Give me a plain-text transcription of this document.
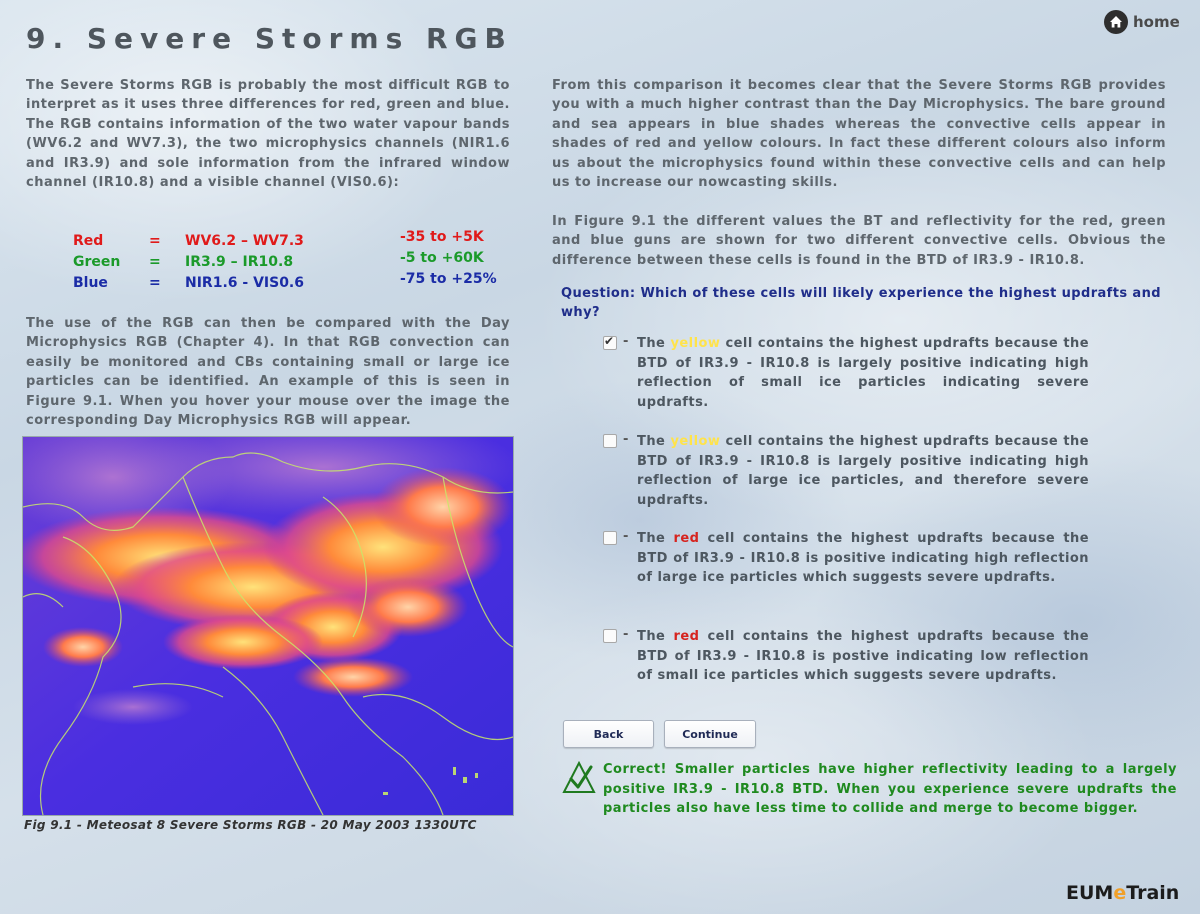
home
9. Severe Storms RGB
The Severe Storms RGB is probably the most difficult RGB to interpret as it uses three differences for red, green and blue. The RGB contains information of the two water vapour bands (WV6.2 and WV7.3), the two microphysics channels (NIR1.6 and IR3.9) and sole information from the infrared window channel (IR10.8) and a visible channel (VIS0.6):
Red	= WV6.2 – WV7.3	-35 to +5K
Green = IR3.9 – IR10.8	-5 to +60K
Blue	= NIR1.6 - VIS0.6	-75 to +25%
The use of the RGB can then be compared with the Day Microphysics RGB (Chapter 4). In that RGB convection can easily be monitored and CBs containing small or large ice particles can be identified. An example of this is seen in Figure 9.1. When you hover your mouse over the image the corresponding Day Microphysics RGB will appear.
Fig 9.1 - Meteosat 8 Severe Storms RGB - 20 May 2003 1330UTC
From this comparison it becomes clear that the Severe Storms RGB provides you with a much higher contrast than the Day Microphysics. The bare ground and sea appears in blue shades whereas the convective cells appear in shades of red and yellow colours. In fact these different colours also inform us about the microphysics found within these convective cells and can help us to increase our nowcasting skills.
In Figure 9.1 the different values the BT and reflectivity for the red, green and blue guns are shown for two different convective cells. Obvious the difference between these cells is found in the BTD of IR3.9 - IR10.8.
Question: Which of these cells will likely experience the highest updrafts and why?
✔
- The yellow cell contains the highest updrafts because the BTD of IR3.9 - IR10.8 is largely positive indicating high reflection of small ice particles indicating severe updrafts.
- The yellow cell contains the highest updrafts because the BTD of IR3.9 - IR10.8 is largely positive indicating high reflection of large ice particles, and therefore severe updrafts.
- The red cell contains the highest updrafts because the BTD of IR3.9 - IR10.8 is positive indicating high reflection of large ice particles which suggests severe updrafts.
- The red cell contains the highest updrafts because the BTD of IR3.9 - IR10.8 is postive indicating low reflection of small ice particles which suggests severe updrafts.
Back	Continue
Correct! Smaller particles have higher reflectivity leading to a largely positive IR3.9 - IR10.8 BTD. When you experience severe updrafts the particles also have less time to collide and merge to become bigger.
EUMeTrain
